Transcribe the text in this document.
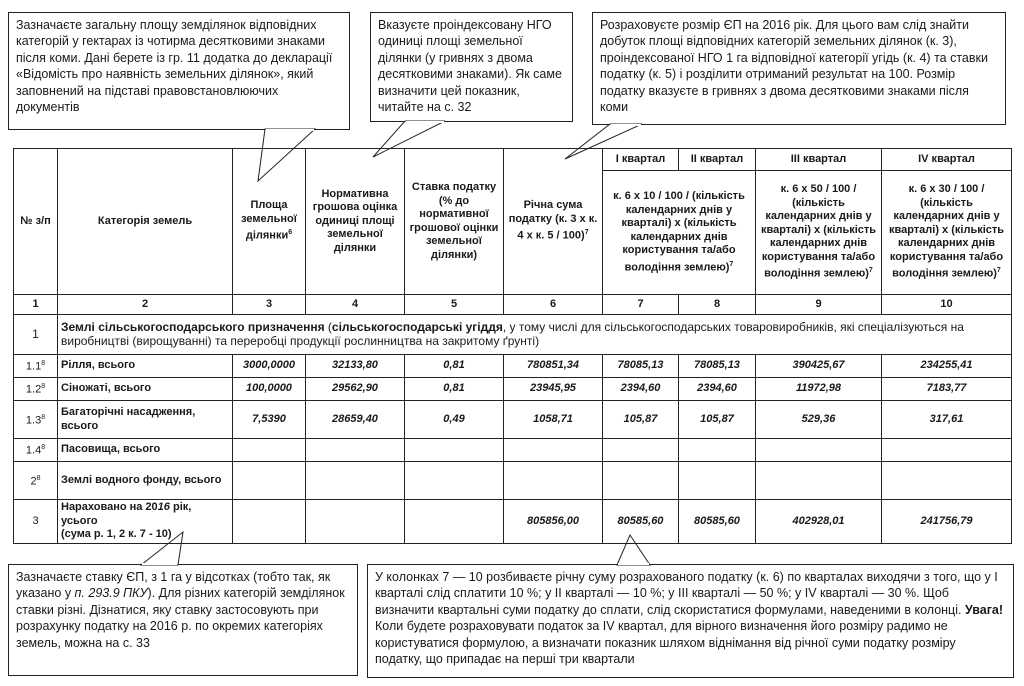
Зазначаєте загальну площу земділянок відповідних категорій у гектарах із чотирма десятковими знаками після коми. Дані берете із гр. 11 додатка до декларації «Відомість про наявність земельних ділянок», який заповнений на підставі правовстановлюючих документів
Вказуєте проіндексовану НГО одиниці площі земельної ділянки (у гривнях з двома десятковими знаками). Як саме визначити цей показник, читайте на с. 32
Розраховуєте розмір ЄП на 2016 рік. Для цього вам слід знайти добуток площі відповідних категорій земельних ділянок (к. 3), проіндексованої НГО 1 га відповідної категорії угідь (к. 4) та ставки податку (к. 5) і розділити отриманий результат на 100. Розмір податку вказуєте в гривнях з двома десятковими знаками після коми
Зазначаєте ставку ЄП, з 1 га у відсотках (тобто так, як указано у п. 293.9 ПКУ). Для різних категорій земділянок ставки різні. Дізнатися, яку ставку застосовують при розрахунку податку на 2016 р. по окремих категоріях земель, можна на с. 33
У колонках 7 — 10 розбиваєте річну суму розрахованого податку (к. 6) по кварталах виходячи з того, що у I кварталі слід сплатити 10 %; у II кварталі — 10 %; у III кварталі — 50 %; у IV кварталі — 30 %. Щоб визначити квартальні суми податку до сплати, слід скористатися формулами, наведеними в колонці. Увага! Коли будете розраховувати податок за IV квартал, для вірного визначення його розміру радимо не користуватися формулою, а визначати показник шляхом віднімання від річної суми податку розміру податку, що припадає на перші три квартали
№ з/п	Категорія земель	Площа земельної ділянки$^6$	Нормативна грошова оцінка одиниці площі земельної ділянки	Ставка податку (% до нормативної грошової оцінки земельної ділянки)	Річна сума податку (к. 3 х к. 4 х к. 5 / 100)$^7$	I квартал	II квартал	III квартал	IV квартал
						к. 6 х 10 / 100 / (кількість календарних днів у кварталі) х (кількість календарних днів користування та/або володіння землею)$^7$		к. 6 х 50 / 100 / (кількість календарних днів у кварталі) х (кількість календарних днів користування та/або володіння землею)$^7$	к. 6 х 30 / 100 / (кількість календарних днів у кварталі) х (кількість календарних днів користування та/або володіння землею)$^7$
1	2	3	4	5	6	7	8	9	10
1	Землі сільськогосподарського призначення (сільськогосподарські угіддя, у тому числі для сільськогосподарських товаровиробників, які спеціалізуються на виробництві (вирощуванні) та переробці продукції рослинництва на закритому ґрунті)								
$1.1^8$	Рілля, всього	3000,0000	32133,80	0,81	780851,34	78085,13	78085,13	390425,67	234255,41
$1.2^8$	Сіножаті, всього	100,0000	29562,90	0,81	23945,95	2394,60	2394,60	11972,98	7183,77
$1.3^8$	Багаторічні насадження, всього	7,5390	28659,40	0,49	1058,71	105,87	105,87	529,36	317,61
$1.4^8$	Пасовища, всього								
$2^8$	Землі водного фонду, всього								
3	Нараховано на 2016 рік, усього
(сума р. 1, 2 к. 7 - 10)				805856,00	80585,60	80585,60	402928,01	241756,79
